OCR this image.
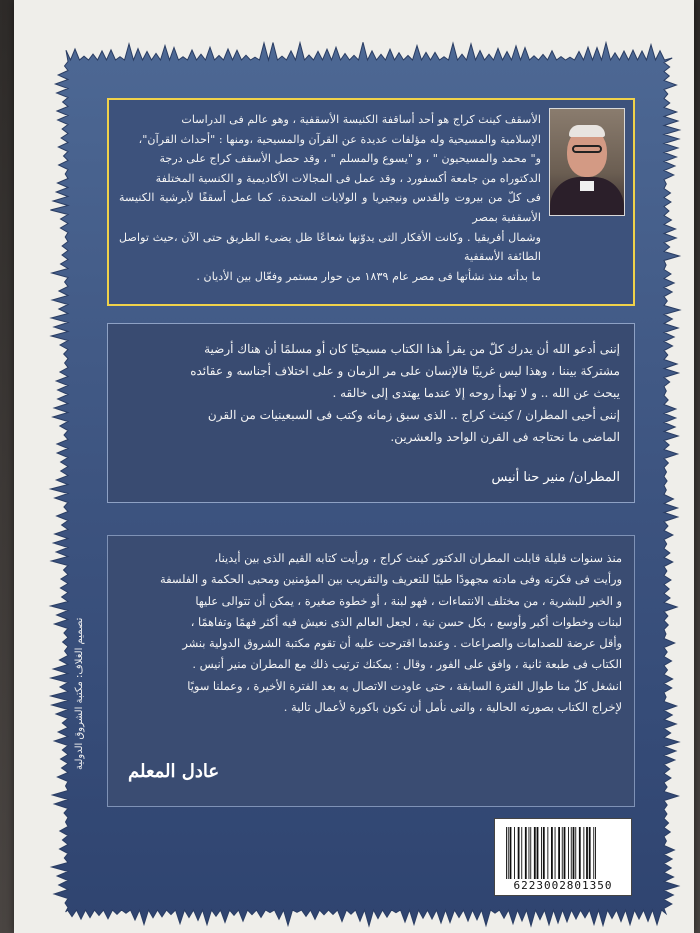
الأسقف كينث كراج هو أحد أساقفة الكنيسة الأسقفية ، وهو عالم فى الدراسات
الإسلامية والمسيحية وله مؤلفات عديدة عن القرآن والمسيحية ،ومنها : "أحداث القرآن"،
و" محمد والمسيحيون " ، و "يسوع والمسلم " ، وقد حصل الأسقف كراج على درجة
الدكتوراه من جامعة أكسفورد ، وقد عمل فى المجالات الأكاديمية و الكنسية المختلفة
فى كلّ من بيروت والقدس ونيجيريا و الولايات المتحدة. كما عمل أسقفًا لأبرشية الكنيسة الأسقفية بمصر
وشمال أفريقيا . وكانت الأفكار التى يدوّنها شعاعًا ظل يضىء الطريق حتى الآن ،حيث تواصل الطائفة الأسقفية
ما بدأته منذ نشأتها فى مصر عام ١٨٣٩ من حوار مستمر وفعّال بين الأديان .
إننى أدعو الله أن يدرك كلّ من يقرأ هذا الكتاب مسيحيًا كان أو مسلمًا أن هناك أرضية
مشتركة بيننا ، وهذا ليس غريبًا فالإنسان على مر الزمان و على اختلاف أجناسه و عقائده
يبحث عن الله .. و لا تهدأ روحه إلا عندما يهتدى إلى خالقه .
إننى أحيى المطران / كينث كراج .. الذى سبق زمانه وكتب فى السبعينيات من القرن
الماضى ما نحتاجه فى القرن الواحد والعشرين.
المطران/ منير حنا أنيس
منذ سنوات قليلة قابلت المطران الدكتور كينث كراج ، ورأيت كتابه القيم الذى بين أيدينا،
ورأيت فى فكرته وفى مادته مجهودًا طيبًا للتعريف والتقريب بين المؤمنين ومحبى الحكمة و الفلسفة
و الخير للبشرية ، من مختلف الانتماءات ، فهو لبنة ، أو خطوة صغيرة ، يمكن أن تتوالى عليها
لبنات وخطوات أكبر وأوسع ، بكل حسن نية ، لجعل العالم الذى نعيش فيه أكثر فهمًا وتفاهمًا ،
وأقل عرضة للصدامات والصراعات . وعندما اقترحت عليه أن تقوم مكتبة الشروق الدولية بنشر
الكتاب فى طبعة ثانية ، وافق على الفور ، وقال : يمكنك ترتيب ذلك مع المطران منير أنيس .
انشغل كلّ منا طوال الفترة السابقة ، حتى عاودت الاتصال به بعد الفترة الأخيرة ، وعملنا سويًا
لإخراج الكتاب بصورته الحالية ، والتى نأمل أن تكون باكورة لأعمال تالية .
عادل المعلم
تصميم الغلاف: مكتبة الشروق الدولية
6223002801350
